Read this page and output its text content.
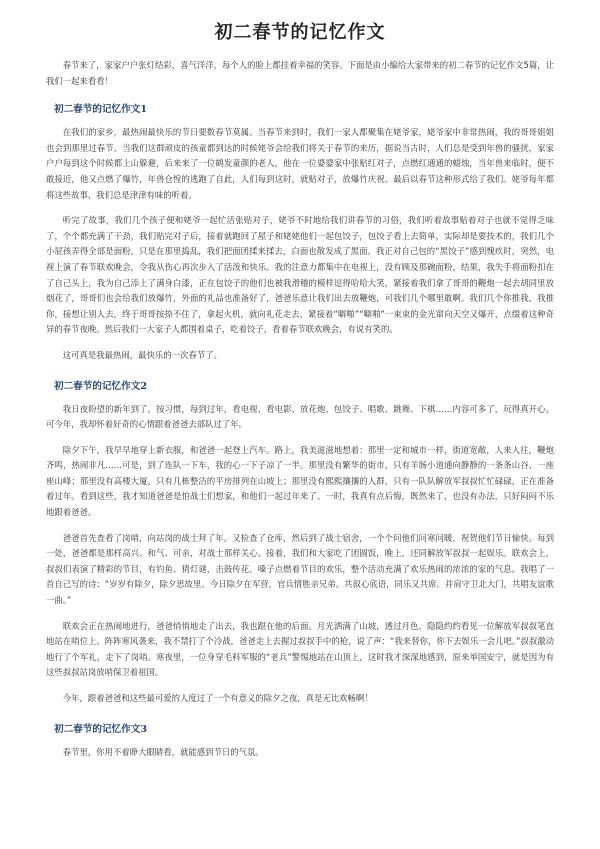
初二春节的记忆作文

春节来了，家家户户张灯结彩，喜气洋洋，每个人的脸上都挂着幸福的笑容。下面是由小编给大家带来的初二春节的记忆作文5篇，让我们一起来看看！

初二春节的记忆作文1

在我们的家乡，最热闹最快乐的节日要数春节莫属。当春节来到时，我们一家人都聚集在姥爷家，姥爷家中非常热闹，我的哥哥姐姐也会到那里过春节。当我们这群顽皮的孩童都到达的时候姥爷会给我们将关于春节的来历，据说当古时，人们总是受到年兽的骚扰，家家户户每到这个时候都上山躲避，后来来了一位鹤发童颜的老人，他在一位婆婆家中张贴红对子，点燃红通通的蜡烛，当年兽来临时，便不敢接近，他又点燃了爆竹，年兽仓惶的逃跑了自此，人们每到这时，就贴对子，放爆竹庆祝。最后以春节这种形式给了我们。姥爷每年都将这些故事，我们总是津津有味的听着。

听完了故事，我们几个孩子便和姥爷一起忙活张贴对子，姥爷不时地给我们讲春节的习俗，我们听着故事贴着对子也就不觉得乏味了，个个都充满了干劲，我们贴完对子后，接着就跑回了屋子和姥姥他们一起包饺子，包饺子看上去简单，实际却是要技术的，我们几个小屁孩弄得全部是面粉，只是在那里捣乱，我们把面团揉来揉去，白面也散发成了黑面。我正对自己包的“黑饺子”感到愧疚时，突然，电视上演了春节联欢晚会，令我从伤心再次步入了活泼和快乐。我的注意力都集中在电视上，没有顾及那碗面粉，结果，我失手将面粉扣在了自己头上，我为自己添上了满身白漆，正在包饺子的他们也被我滑稽的模样逗得哈哈大笑，紧接着我们拿了哥哥的鞭炮一起去胡同里放烟花了，哥哥们也会给我们放爆竹，外面的礼品也准备好了，爸爸乐意让我们出去放鞭炮，可我们几个哪里敢啊。我们几个你推我，我推你，接想让别人去，终于哥哥按捺不住了，拿起火机，就向礼花走去，紧接着“噼啪”“噼啪”一束束的金光窜向天空又爆开，点缀着这种奇异的春节夜晚。然后我们一大家子人都围着桌子，吃着饺子，看着春节联欢晚会，有说有笑的。

这可真是我最热闹，最快乐的一次春节了。

初二春节的记忆作文2

我日夜盼望的新年到了。按习惯，每到过年，看电视、看电影、放花炮、包饺子、唱歌、跳舞、下棋……内容可多了，玩得真开心。可今年，我却怀着好奇的心情跟着爸爸去部队过了年。

除夕下午，我早早地穿上新衣服，和爸爸一起登上汽车。路上，我美滋滋地想着：那里一定和城市一样，街道宽敞，人来人往，鞭炮齐鸣，热闹非凡……可是，到了连队一下车，我的心一下子凉了一半。那里没有繁华的街市，只有羊肠小道通向静静的一条条山谷、一座座山峰；那里没有高楼大厦，只有几栋整洁的平房排列在山坡上；那里没有熙熙攘攘的人群，只有一队队解放军叔叔忙忙碌碌，正在准备着过年。看到这些，我才知道爸爸是怕战士们想家，和他们一起过年来了。一时，我真有点后悔，既然来了，也没有办法，只好闷闷不乐地跟着爸爸。

爸爸首先查看了岗哨，向站岗的战士拜了年。又检查了仓库，然后到了战士宿舍，一个个问他们问寒问暖，祝贺他们节日愉快。每到一处，爸爸都是那样高兴、和气、可亲，对战士那样关心。接着，我们和大家吃了团圆饭，晚上，还同解放军叔叔一起娱乐。联欢会上，叔叔们表演了精彩的节目，有钓鱼、猜灯谜，击鼓传花。嗓子点燃着节目的欢乐，整个活动充满了欢乐热闹的浓浓的家的气息。我唱了一首自己写的诗：“岁岁有除夕，除夕思故里。今日除夕在军营，官兵情胜亲兄弟。共叙心底语，同乐又共席。并肩守卫北大门，共唱友谊歌一曲。”

联欢会正在热闹地进行，爸爸悄悄地走了出去，我也跟在他的后面。月光洒满了山坡，透过月色，隐隐约约看见一位解放军叔叔笔直地站在哨位上。阵阵寒风袭来，我不禁打了个冷战，爸爸走上去握过叔叔手中的枪，说了声：“我来替你，你下去娱乐一会儿吧。”叔叔激动地行了个军礼，走下了岗哨。寒夜里，一位身穿毛料军服的“老兵”警惕地站在山顶上，这时我才深深地感到，原来举国安宁，就是因为有这些叔叔站岗放哨保卫着祖国。

今年，跟着爸爸和这些最可爱的人度过了一个有意义的除夕之夜，真是无比欢畅啊！

初二春节的记忆作文3

春节里，你用不着睁大眼睛看，就能感到节日的气氛。
